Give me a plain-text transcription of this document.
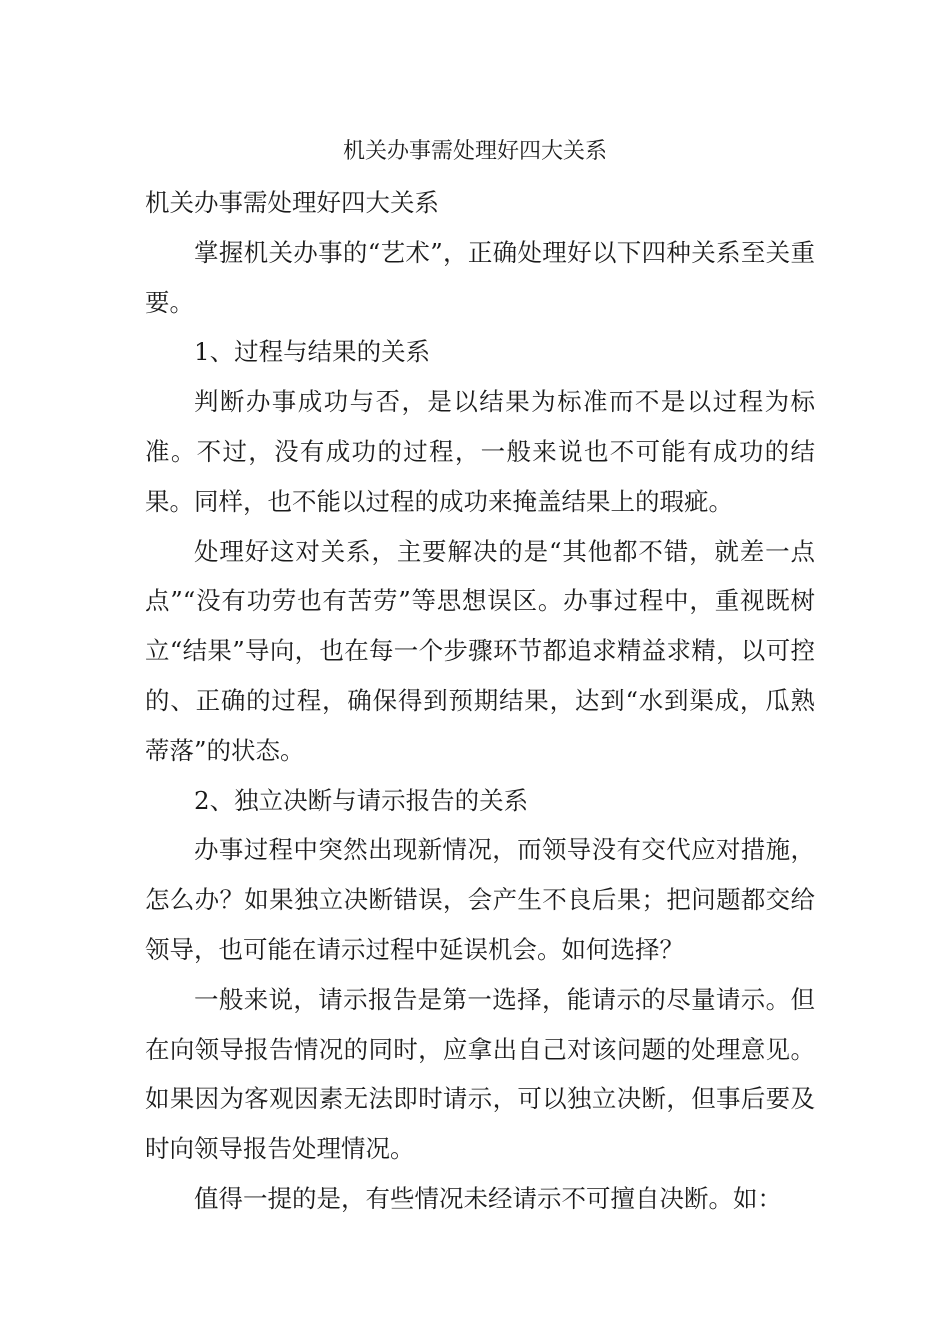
机关办事需处理好四大关系

机关办事需处理好四大关系

掌握机关办事的“艺术”，正确处理好以下四种关系至关重要。

1、过程与结果的关系

判断办事成功与否，是以结果为标准而不是以过程为标准。不过，没有成功的过程，一般来说也不可能有成功的结果。同样，也不能以过程的成功来掩盖结果上的瑕疵。

处理好这对关系，主要解决的是“其他都不错，就差一点点”“没有功劳也有苦劳”等思想误区。办事过程中，重视既树立“结果”导向，也在每一个步骤环节都追求精益求精，以可控的、正确的过程，确保得到预期结果，达到“水到渠成，瓜熟蒂落”的状态。

2、独立决断与请示报告的关系

办事过程中突然出现新情况，而领导没有交代应对措施，怎么办？如果独立决断错误，会产生不良后果；把问题都交给领导，也可能在请示过程中延误机会。如何选择？

一般来说，请示报告是第一选择，能请示的尽量请示。但在向领导报告情况的同时，应拿出自己对该问题的处理意见。如果因为客观因素无法即时请示，可以独立决断，但事后要及时向领导报告处理情况。

值得一提的是，有些情况未经请示不可擅自决断。如：
